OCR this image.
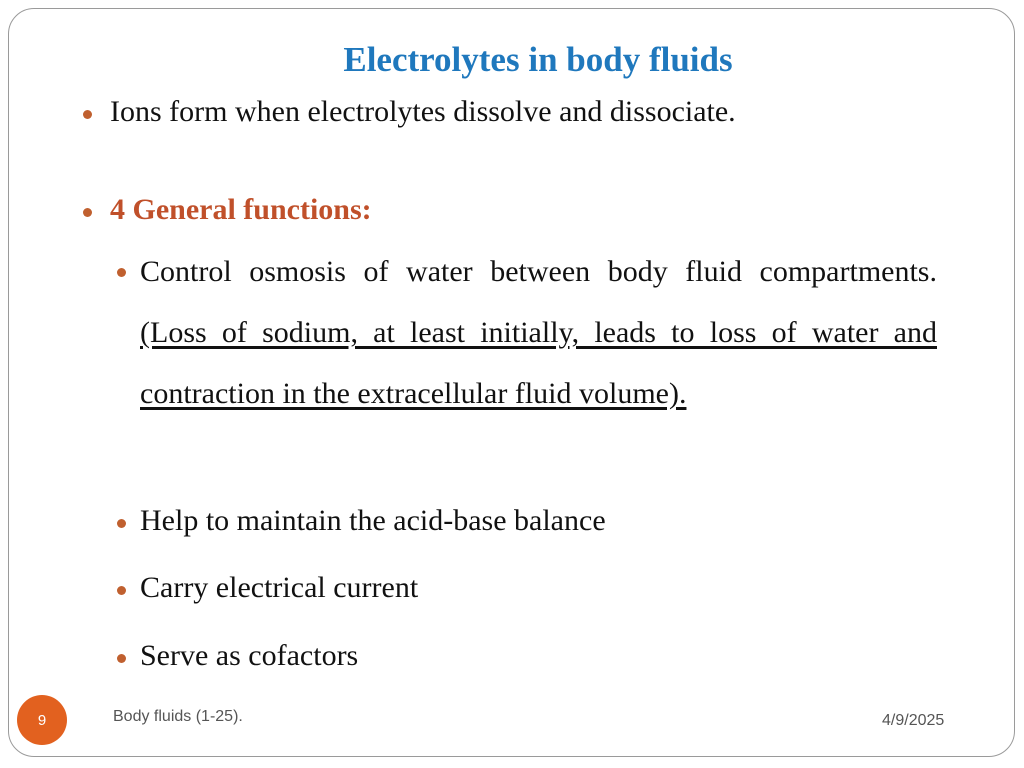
Electrolytes in body fluids
Ions form when electrolytes dissolve and dissociate.
4 General functions:
Control osmosis of water between body fluid compartments. (Loss of sodium, at least initially, leads to loss of water and contraction in the extracellular fluid volume).
Help to maintain the acid-base balance
Carry electrical current
Serve as cofactors
9	Body fluids (1-25).	4/9/2025
